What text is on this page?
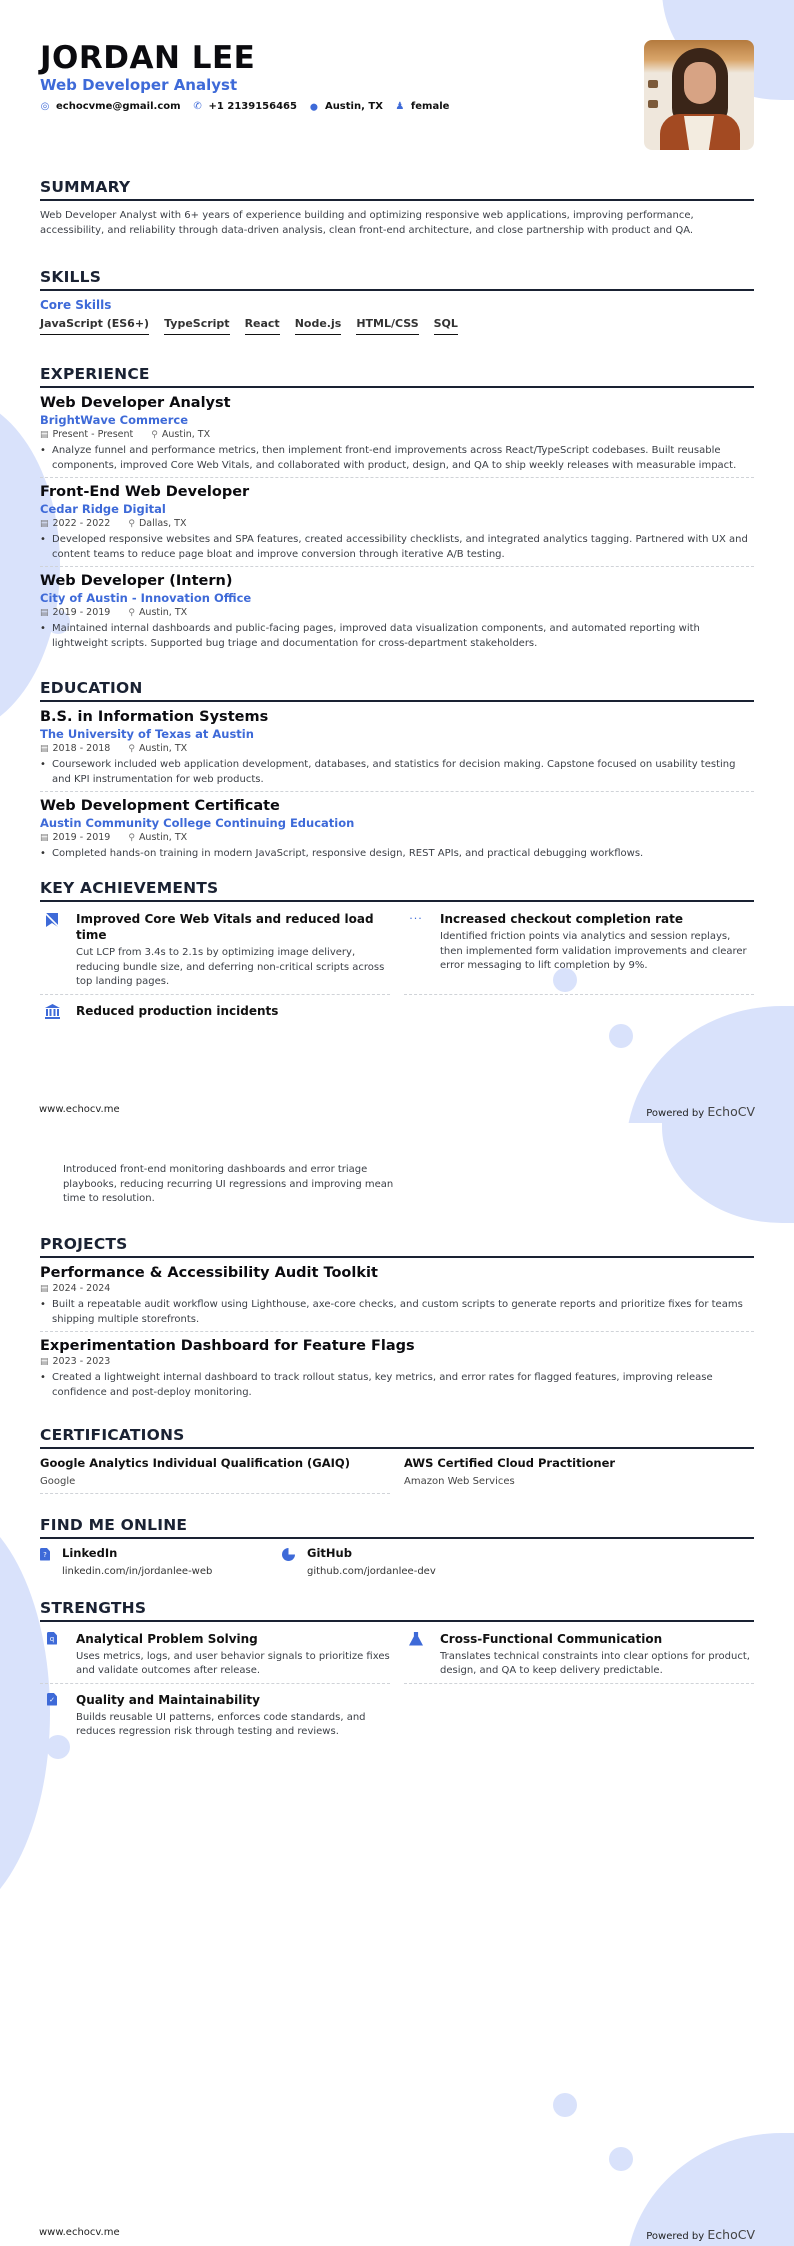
JORDAN LEE
Web Developer Analyst
◎ echocvme@gmail.com ✆ +1 2139156465 ⬤ Austin, TX ♟ female
SUMMARY
Web Developer Analyst with 6+ years of experience building and optimizing responsive web applications, improving performance, accessibility, and reliability through data-driven analysis, clean front-end architecture, and close partnership with product and QA.
SKILLS
Core Skills
JavaScript (ES6+) TypeScript React Node.js HTML/CSS SQL
EXPERIENCE
Web Developer Analyst
BrightWave Commerce
▤ Present - Present ⚲ Austin, TX
• Analyze funnel and performance metrics, then implement front-end improvements across React/TypeScript codebases. Built reusable components, improved Core Web Vitals, and collaborated with product, design, and QA to ship weekly releases with measurable impact.
Front-End Web Developer
Cedar Ridge Digital
▤ 2022 - 2022 ⚲ Dallas, TX
• Developed responsive websites and SPA features, created accessibility checklists, and integrated analytics tagging. Partnered with UX and content teams to reduce page bloat and improve conversion through iterative A/B testing.
Web Developer (Intern)
City of Austin - Innovation Office
▤ 2019 - 2019 ⚲ Austin, TX
• Maintained internal dashboards and public-facing pages, improved data visualization components, and automated reporting with lightweight scripts. Supported bug triage and documentation for cross-department stakeholders.
EDUCATION
B.S. in Information Systems
The University of Texas at Austin
▤ 2018 - 2018 ⚲ Austin, TX
• Coursework included web application development, databases, and statistics for decision making. Capstone focused on usability testing and KPI instrumentation for web products.
Web Development Certificate
Austin Community College Continuing Education
▤ 2019 - 2019 ⚲ Austin, TX
• Completed hands-on training in modern JavaScript, responsive design, REST APIs, and practical debugging workflows.
KEY ACHIEVEMENTS
Improved Core Web Vitals and reduced load time
Cut LCP from 3.4s to 2.1s by optimizing image delivery, reducing bundle size, and deferring non-critical scripts across top landing pages.
···	Increased checkout completion rate
Identified friction points via analytics and session replays, then implemented form validation improvements and clearer error messaging to lift completion by 9%.
Reduced production incidents
www.echocv.me	Powered by EchoCV
Introduced front-end monitoring dashboards and error triage playbooks, reducing recurring UI regressions and improving mean time to resolution.
PROJECTS
Performance & Accessibility Audit Toolkit
▤ 2024 - 2024
• Built a repeatable audit workflow using Lighthouse, axe-core checks, and custom scripts to generate reports and prioritize fixes for teams shipping multiple storefronts.
Experimentation Dashboard for Feature Flags
▤ 2023 - 2023
• Created a lightweight internal dashboard to track rollout status, key metrics, and error rates for flagged features, improving release confidence and post-deploy monitoring.
CERTIFICATIONS
Google Analytics Individual Qualification (GAIQ)
Google
AWS Certified Cloud Practitioner
Amazon Web Services
FIND ME ONLINE
?
LinkedIn
linkedin.com/in/jordanlee-web
GitHub
github.com/jordanlee-dev
STRENGTHS
q
Analytical Problem Solving
Uses metrics, logs, and user behavior signals to prioritize fixes and validate outcomes after release.
Cross-Functional Communication
Translates technical constraints into clear options for product, design, and QA to keep delivery predictable.
✓
Quality and Maintainability
Builds reusable UI patterns, enforces code standards, and reduces regression risk through testing and reviews.
www.echocv.me	Powered by EchoCV
